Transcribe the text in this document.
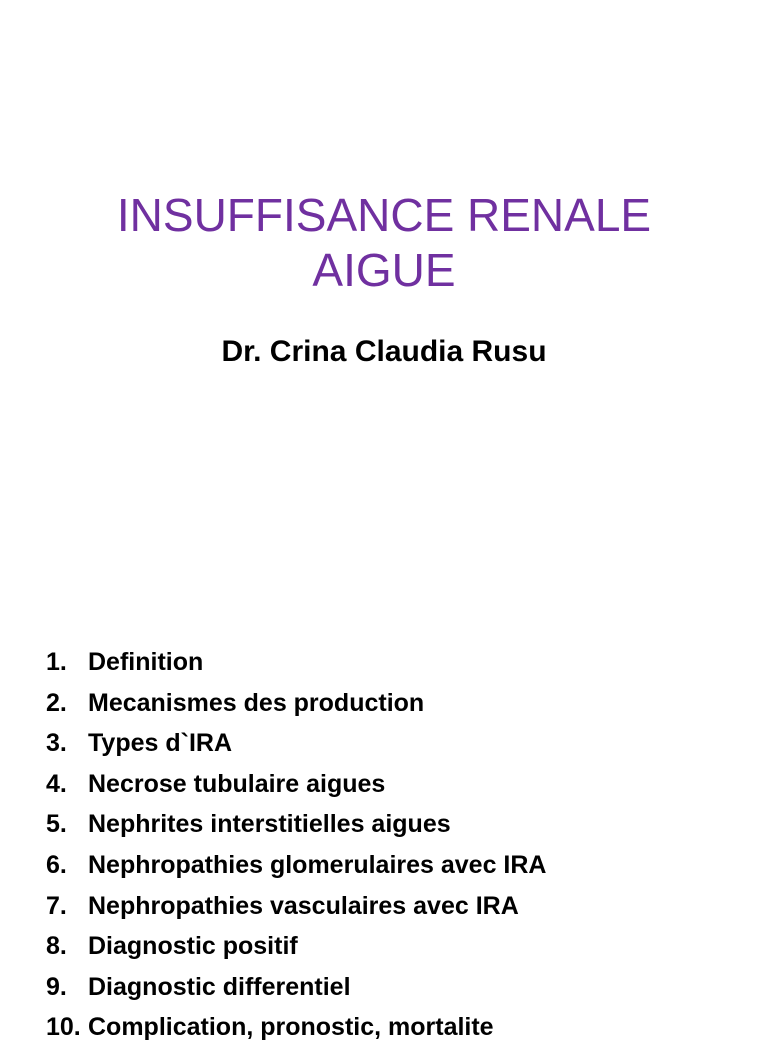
INSUFFISANCE RENALE
AIGUE

Dr. Crina Claudia Rusu

1. Definition
2. Mecanismes des production
3. Types d`IRA
4. Necrose tubulaire aigues
5. Nephrites interstitielles aigues
6. Nephropathies glomerulaires avec IRA
7. Nephropathies vasculaires avec IRA
8. Diagnostic positif
9. Diagnostic differentiel
10. Complication, pronostic, mortalite
